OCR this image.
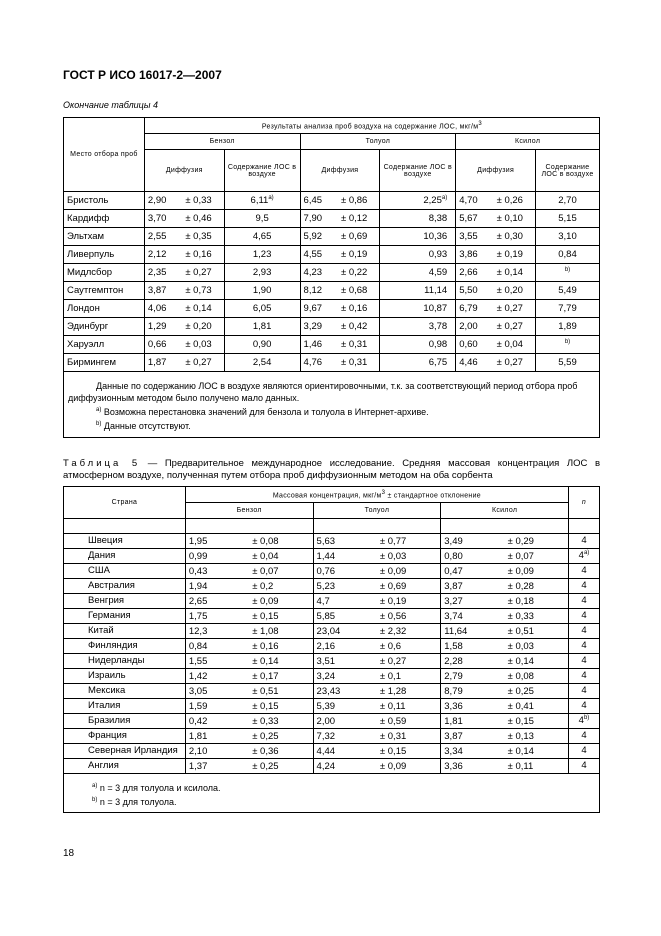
ГОСТ Р ИСО 16017-2—2007
Окончание таблицы 4
Место отбора проб	Результаты анализа проб воздуха на содержание ЛОС, мкг/м3								
	Бензол			Толуол			Ксилол		
	Диффузия		Содержание ЛОС в воздухе	Диффузия		Содержание ЛОС в воздухе	Диффузия		Содержание ЛОС в воздухе
Бристоль	2,90	± 0,33	6,11$^{a)}$	6,45	± 0,86	2,25$^{a)}$	4,70	± 0,26	2,70
Кардифф	3,70	± 0,46	9,5	7,90	± 0,12	8,38	5,67	± 0,10	5,15
Эльтхам	2,55	± 0,35	4,65	5,92	± 0,69	10,36	3,55	± 0,30	3,10
Ливерпуль	2,12	± 0,16	1,23	4,55	± 0,19	0,93	3,86	± 0,19	0,84
Мидлсбор	2,35	± 0,27	2,93	4,23	± 0,22	4,59	2,66	± 0,14	$^{b)}$
Саутгемптон	3,87	± 0,73	1,90	8,12	± 0,68	11,14	5,50	± 0,20	5,49
Лондон	4,06	± 0,14	6,05	9,67	± 0,16	10,87	6,79	± 0,27	7,79
Эдинбург	1,29	± 0,20	1,81	3,29	± 0,42	3,78	2,00	± 0,27	1,89
Харуэлл	0,66	± 0,03	0,90	1,46	± 0,31	0,98	0,60	± 0,04	$^{b)}$
Бирмингем	1,87	± 0,27	2,54	4,76	± 0,31	6,75	4,46	± 0,27	5,59

Данные по содержанию ЛОС в воздухе являются ориентировочными, т.к. за соответствующий период отбора проб диффузионным методом было получено мало данных.

$^{a)}$ Возможна перестановка значений для бензола и толуола в Интернет-архиве.

$^{b)}$ Данные отсутствуют.									

Таблица 5 — Предварительное международное исследование. Средняя массовая концентрация ЛОС в атмосферном воздухе, полученная путем отбора проб диффузионным методом на оба сорбента
Страна	Массовая концентрация, мкг/м3 ± стандартное отклонение						n
	Бензол		Толуол		Ксилол		

Швеция	1,95	± 0,08	5,63	± 0,77	3,49	± 0,29	4
Дания	0,99	± 0,04	1,44	± 0,03	0,80	± 0,07	4$^{a)}$
США	0,43	± 0,07	0,76	± 0,09	0,47	± 0,09	4
Австралия	1,94	± 0,2	5,23	± 0,69	3,87	± 0,28	4
Венгрия	2,65	± 0,09	4,7	± 0,19	3,27	± 0,18	4
Германия	1,75	± 0,15	5,85	± 0,56	3,74	± 0,33	4
Китай	12,3	± 1,08	23,04	± 2,32	11,64	± 0,51	4
Финляндия	0,84	± 0,16	2,16	± 0,6	1,58	± 0,03	4
Нидерланды	1,55	± 0,14	3,51	± 0,27	2,28	± 0,14	4
Израиль	1,42	± 0,17	3,24	± 0,1	2,79	± 0,08	4
Мексика	3,05	± 0,51	23,43	± 1,28	8,79	± 0,25	4
Италия	1,59	± 0,15	5,39	± 0,11	3,36	± 0,41	4
Бразилия	0,42	± 0,33	2,00	± 0,59	1,81	± 0,15	4$^{b)}$
Франция	1,81	± 0,25	7,32	± 0,31	3,87	± 0,13	4
Северная Ирландия	2,10	± 0,36	4,44	± 0,15	3,34	± 0,14	4
Англия	1,37	± 0,25	4,24	± 0,09	3,36	± 0,11	4

$^{a)}$ n = 3 для толуола и ксилола.

$^{b)}$ n = 3 для толуола.							

18
